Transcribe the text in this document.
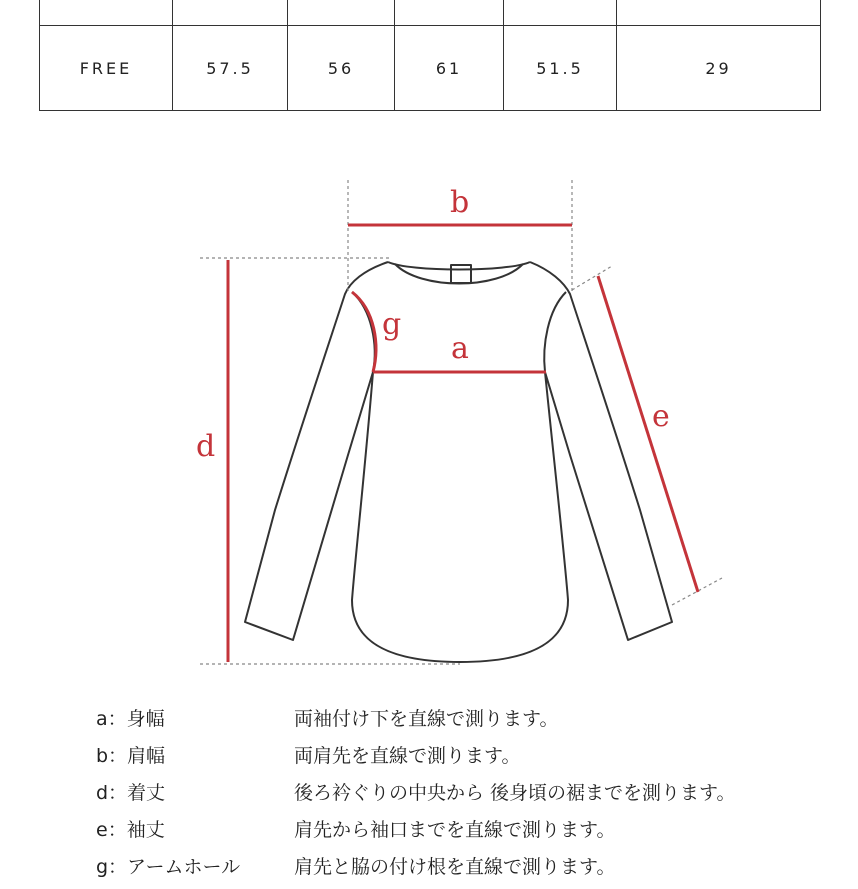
FREE	57.5	56	61	51.5	29
b
g
a
d
e
a：身幅	両袖付け下を直線で測ります。
b：肩幅	両肩先を直線で測ります。
d：着丈	後ろ衿ぐりの中央から 後身頃の裾までを測ります。
e：袖丈	肩先から袖口までを直線で測ります。
g：アームホール	肩先と脇の付け根を直線で測ります。
